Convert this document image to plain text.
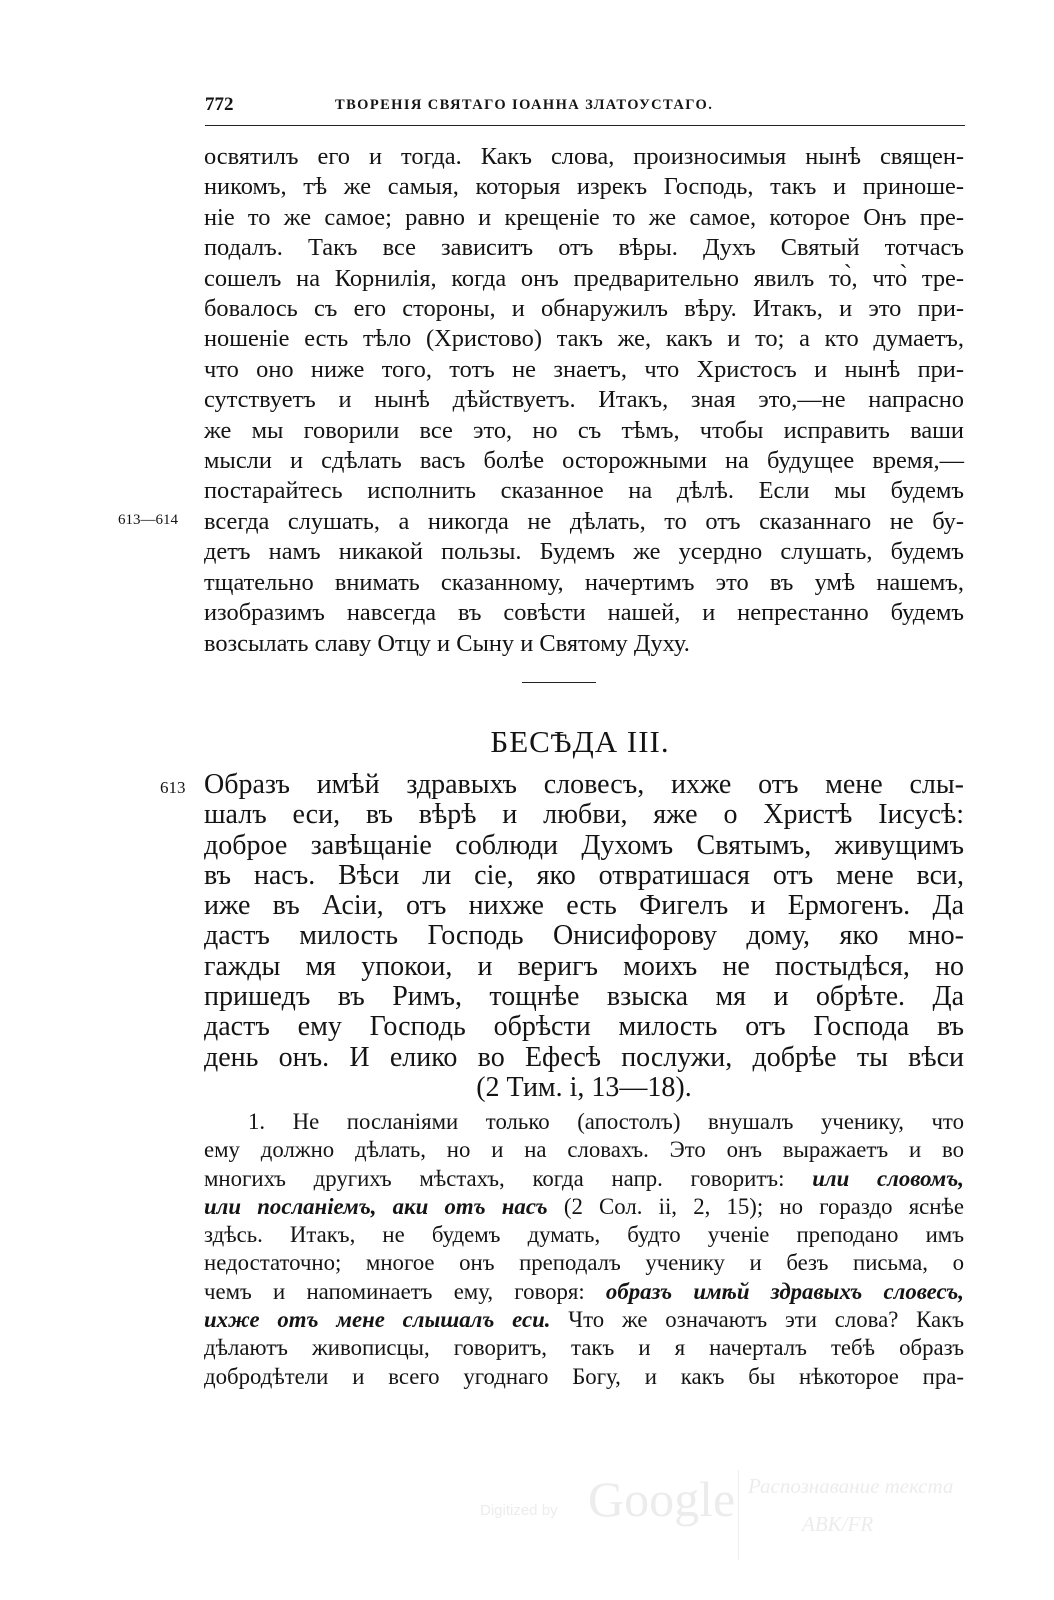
772	ТВОРЕНІЯ СВЯТАГО ІОАННА ЗЛАТОУСТАГО.
освятилъ его и тогда. Какъ слова, произносимыя нынѣ священ-
никомъ, тѣ же самыя, которыя изрекъ Господь, такъ и приноше-
ніе то же самое; равно и крещеніе то же самое, которое Онъ пре-
подалъ. Такъ все зависитъ отъ вѣры. Духъ Святый тотчасъ
сошелъ на Корнилія, когда онъ предварительно явилъ то̀, что̀ тре-
бовалось съ его стороны, и обнаружилъ вѣру. Итакъ, и это при-
ношеніе есть тѣло (Христово) такъ же, какъ и то; а кто думаетъ,
что оно ниже того, тотъ не знаетъ, что Христосъ и нынѣ при-
сутствуетъ и нынѣ дѣйствуетъ. Итакъ, зная это,—не напрасно
же мы говорили все это, но съ тѣмъ, чтобы исправить ваши
мысли и сдѣлать васъ болѣе осторожными на будущее время,—
постарайтесь исполнить сказанное на дѣлѣ. Если мы будемъ
всегда слушать, а никогда не дѣлать, то отъ сказаннаго не бу-
детъ намъ никакой пользы. Будемъ же усердно слушать, будемъ
тщательно внимать сказанному, начертимъ это въ умѣ нашемъ,
изобразимъ навсегда въ совѣсти нашей, и непрестанно будемъ
возсылать славу Отцу и Сыну и Святому Духу.
613—614
БЕСѢДА III.
613 Образъ имѣй здравыхъ словесъ, ихже отъ мене слы-
шалъ еси, въ вѣрѣ и любви, яже о Христѣ Іисусѣ:
доброе завѣщаніе соблюди Духомъ Святымъ, живущимъ
въ насъ. Вѣси ли сіе, яко отвратишася отъ мене вси,
иже въ Асіи, отъ нихже есть Фигелъ и Ермогенъ. Да
дастъ милость Господь Онисифорову дому, яко мно-
гажды мя упокои, и веригъ моихъ не постыдѣся, но
пришедъ въ Римъ, тощнѣе взыска мя и обрѣте. Да
дастъ ему Господь обрѣсти милость отъ Господа въ
день онъ. И елико во Ефесѣ послужи, добрѣе ты вѣси
(2 Тим. і, 13—18).
1. Не посланіями только (апостолъ) внушалъ ученику, что
ему должно дѣлать, но и на словахъ. Это онъ выражаетъ и во
многихъ другихъ мѣстахъ, когда напр. говоритъ: или словомъ,
или посланіемъ, аки отъ насъ (2 Сол. іі, 2, 15); но гораздо яснѣе
здѣсь. Итакъ, не будемъ думать, будто ученіе преподано имъ
недостаточно; многое онъ преподалъ ученику и безъ письма, о
чемъ и напоминаетъ ему, говоря: образъ имѣй здравыхъ словесъ,
ихже отъ мене слышалъ еси. Что же означаютъ эти слова? Какъ
дѣлаютъ живописцы, говоритъ, такъ и я начерталъ тебѣ образъ
добродѣтели и всего угоднаго Богу, и какъ бы нѣкоторое пра-
Digitized by Google Распознавание текста
ABK/FR
